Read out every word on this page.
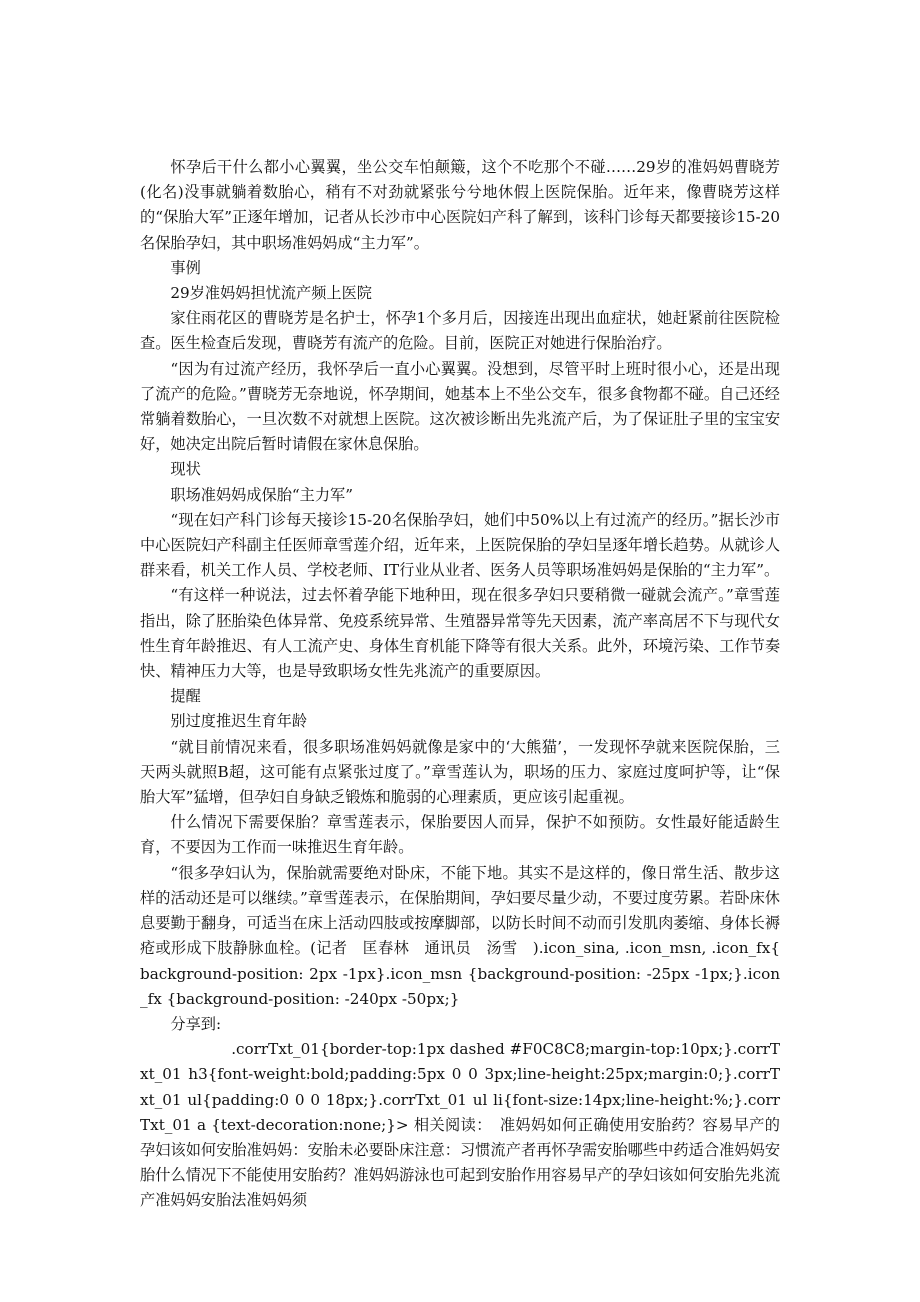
怀孕后干什么都小心翼翼，坐公交车怕颠簸，这个不吃那个不碰……29岁的准妈妈曹晓芳(化名)没事就躺着数胎心，稍有不对劲就紧张兮兮地休假上医院保胎。近年来，像曹晓芳这样的“保胎大军”正逐年增加，记者从长沙市中心医院妇产科了解到，该科门诊每天都要接诊15-20名保胎孕妇，其中职场准妈妈成“主力军”。

事例

29岁准妈妈担忧流产频上医院

家住雨花区的曹晓芳是名护士，怀孕1个多月后，因接连出现出血症状，她赶紧前往医院检查。医生检查后发现，曹晓芳有流产的危险。目前，医院正对她进行保胎治疗。

“因为有过流产经历，我怀孕后一直小心翼翼。没想到，尽管平时上班时很小心，还是出现了流产的危险。”曹晓芳无奈地说，怀孕期间，她基本上不坐公交车，很多食物都不碰。自己还经常躺着数胎心，一旦次数不对就想上医院。这次被诊断出先兆流产后，为了保证肚子里的宝宝安好，她决定出院后暂时请假在家休息保胎。

现状

职场准妈妈成保胎“主力军”

“现在妇产科门诊每天接诊15-20名保胎孕妇，她们中50%以上有过流产的经历。”据长沙市中心医院妇产科副主任医师章雪莲介绍，近年来，上医院保胎的孕妇呈逐年增长趋势。从就诊人群来看，机关工作人员、学校老师、IT行业从业者、医务人员等职场准妈妈是保胎的“主力军”。

“有这样一种说法，过去怀着孕能下地种田，现在很多孕妇只要稍微一碰就会流产。”章雪莲指出，除了胚胎染色体异常、免疫系统异常、生殖器异常等先天因素，流产率高居不下与现代女性生育年龄推迟、有人工流产史、身体生育机能下降等有很大关系。此外，环境污染、工作节奏快、精神压力大等，也是导致职场女性先兆流产的重要原因。

提醒

别过度推迟生育年龄

“就目前情况来看，很多职场准妈妈就像是家中的‘大熊猫’，一发现怀孕就来医院保胎，三天两头就照B超，这可能有点紧张过度了。”章雪莲认为，职场的压力、家庭过度呵护等，让“保胎大军”猛增，但孕妇自身缺乏锻炼和脆弱的心理素质，更应该引起重视。

什么情况下需要保胎？章雪莲表示，保胎要因人而异，保护不如预防。女性最好能适龄生育，不要因为工作而一味推迟生育年龄。

“很多孕妇认为，保胎就需要绝对卧床，不能下地。其实不是这样的，像日常生活、散步这样的活动还是可以继续。”章雪莲表示，在保胎期间，孕妇要尽量少动，不要过度劳累。若卧床休息要勤于翻身，可适当在床上活动四肢或按摩脚部，以防长时间不动而引发肌肉萎缩、身体长褥疮或形成下肢静脉血栓。(记者　匡春林　通讯员　汤雪　).icon_sina, .icon_msn, .icon_fx{ background-position: 2px -1px}.icon_msn {background-position: -25px -1px;}.icon_fx {background-position: -240px -50px;}

分享到:

.corrTxt_01{border-top:1px dashed #F0C8C8;margin-top:10px;}.corrTxt_01 h3{font-weight:bold;padding:5px 0 0 3px;line-height:25px;margin:0;}.corrTxt_01 ul{padding:0 0 0 18px;}.corrTxt_01 ul li{font-size:14px;line-height:%;}.corrTxt_01 a {text-decoration:none;}> 相关阅读：　准妈妈如何正确使用安胎药？容易早产的孕妇该如何安胎准妈妈：安胎未必要卧床注意：习惯流产者再怀孕需安胎哪些中药适合准妈妈安胎什么情况下不能使用安胎药？准妈妈游泳也可起到安胎作用容易早产的孕妇该如何安胎先兆流产准妈妈安胎法准妈妈须
